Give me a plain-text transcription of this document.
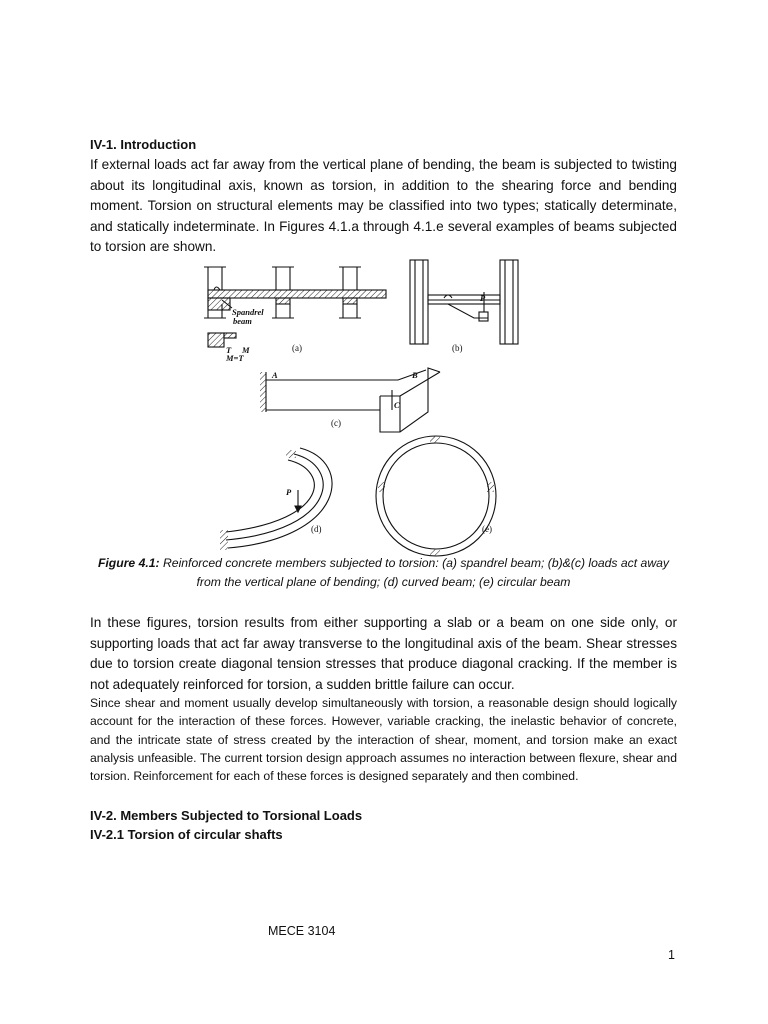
IV-1. Introduction
If external loads act far away from the vertical plane of bending, the beam is subjected to twisting about its longitudinal axis, known as torsion, in addition to the shearing force and bending moment. Torsion on structural elements may be classified into two types; statically determinate, and statically indeterminate. In Figures 4.1.a through 4.1.e several examples of beams subjected to torsion are shown.
Spandrel
beam
T M
M=T
(a)
P
(b)
A	B
C
(c)
P
(d)	(e)
Figure 4.1: Reinforced concrete members subjected to torsion: (a) spandrel beam; (b)&(c) loads act away from the vertical plane of bending; (d) curved beam; (e) circular beam
In these figures, torsion results from either supporting a slab or a beam on one side only, or supporting loads that act far away transverse to the longitudinal axis of the beam. Shear stresses due to torsion create diagonal tension stresses that produce diagonal cracking. If the member is not adequately reinforced for torsion, a sudden brittle failure can occur.
Since shear and moment usually develop simultaneously with torsion, a reasonable design should logically account for the interaction of these forces. However, variable cracking, the inelastic behavior of concrete, and the intricate state of stress created by the interaction of shear, moment, and torsion make an exact analysis unfeasible. The current torsion design approach assumes no interaction between flexure, shear and torsion. Reinforcement for each of these forces is designed separately and then combined.
IV-2. Members Subjected to Torsional Loads
IV-2.1 Torsion of circular shafts
MECE 3104
1
